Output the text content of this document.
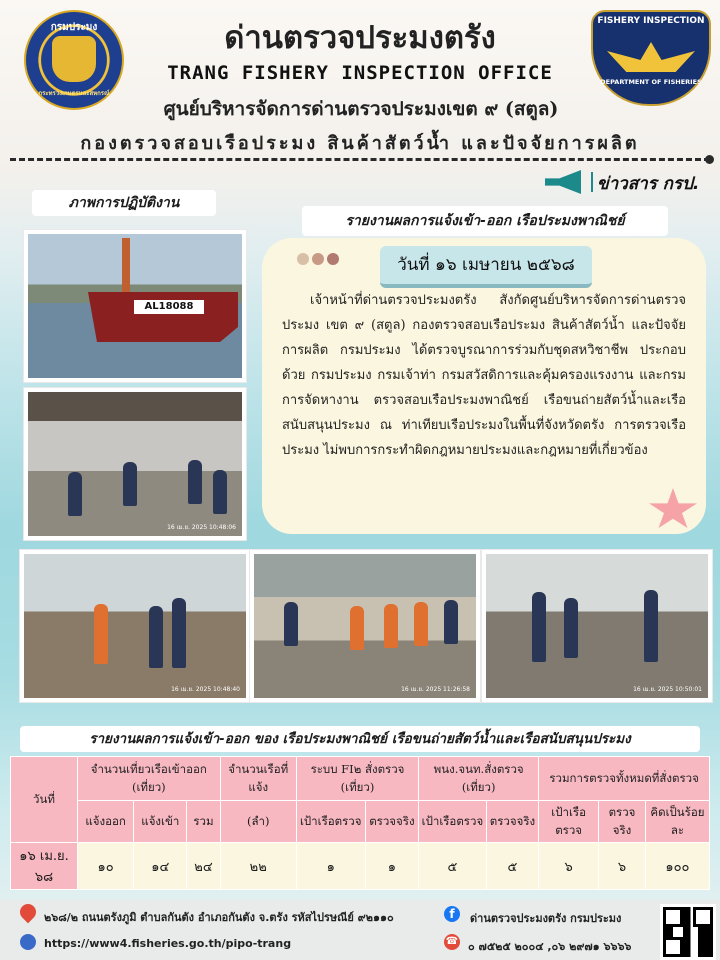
กรมประมง
กระทรวงเกษตรและสหกรณ์
ด่านตรวจประมงตรัง
TRANG FISHERY INSPECTION OFFICE
FISHERY INSPECTION
DEPARTMENT OF FISHERIES
ศูนย์บริหารจัดการด่านตรวจประมงเขต ๙ (สตูล)
กองตรวจสอบเรือประมง สินค้าสัตว์น้ำ และปัจจัยการผลิต
ข่าวสาร กรป.
ภาพการปฏิบัติงาน
รายงานผลการแจ้งเข้า-ออก เรือประมงพาณิชย์
AL18088
16 เม.ย. 2025 10:48:06
วันที่ ๑๖ เมษายน ๒๕๖๘
เจ้าหน้าที่ด่านตรวจประมงตรัง สังกัดศูนย์บริหารจัดการด่านตรวจประมง เขต ๙ (สตูล) กองตรวจสอบเรือประมง สินค้าสัตว์น้ำ และปัจจัยการผลิต กรมประมง ได้ตรวจบูรณาการร่วมกับชุดสหวิชาชีพ ประกอบด้วย กรมประมง กรมเจ้าท่า กรมสวัสดิการและคุ้มครองแรงงาน และกรมการจัดหางาน ตรวจสอบเรือประมงพาณิชย์ เรือขนถ่ายสัตว์น้ำและเรือสนับสนุนประมง ณ ท่าเทียบเรือประมงในพื้นที่จังหวัดตรัง การตรวจเรือประมง ไม่พบการกระทำผิดกฎหมายประมงและกฎหมายที่เกี่ยวข้อง
16 เม.ย. 2025 10:48:40	16 เม.ย. 2025 11:26:58	16 เม.ย. 2025 10:50:01
รายงานผลการแจ้งเข้า-ออก ของ เรือประมงพาณิชย์ เรือขนถ่ายสัตว์น้ำและเรือสนับสนุนประมง
วันที่	จำนวนเที่ยวเรือเข้าออก (เที่ยว)			จำนวนเรือที่แจ้ง	ระบบ FI๒ สั่งตรวจ (เที่ยว)		พนง.จนท.สั่งตรวจ (เที่ยว)		รวมการตรวจทั้งหมดที่สั่งตรวจ		
	แจ้งออก	แจ้งเข้า	รวม	(ลำ)	เป้าเรือตรวจ	ตรวจจริง	เป้าเรือตรวจ	ตรวจจริง	เป้าเรือตรวจ	ตรวจจริง	คิดเป็นร้อยละ
๑๖ เม.ย. ๖๘	๑๐	๑๔	๒๔	๒๒	๑	๑	๕	๕	๖	๖	๑๐๐
๒๖๘/๒ ถนนตรังภูมิ ตำบลกันตัง อำเภอกันตัง จ.ตรัง รหัสไปรษณีย์ ๙๒๑๑๐
https://www4.fisheries.go.th/pipo-trang
f	ด่านตรวจประมงตรัง กรมประมง
☎ ๐ ๗๕๒๕ ๒๐๐๔ ,๐๖ ๒๙๗๑ ๖๖๖๖
